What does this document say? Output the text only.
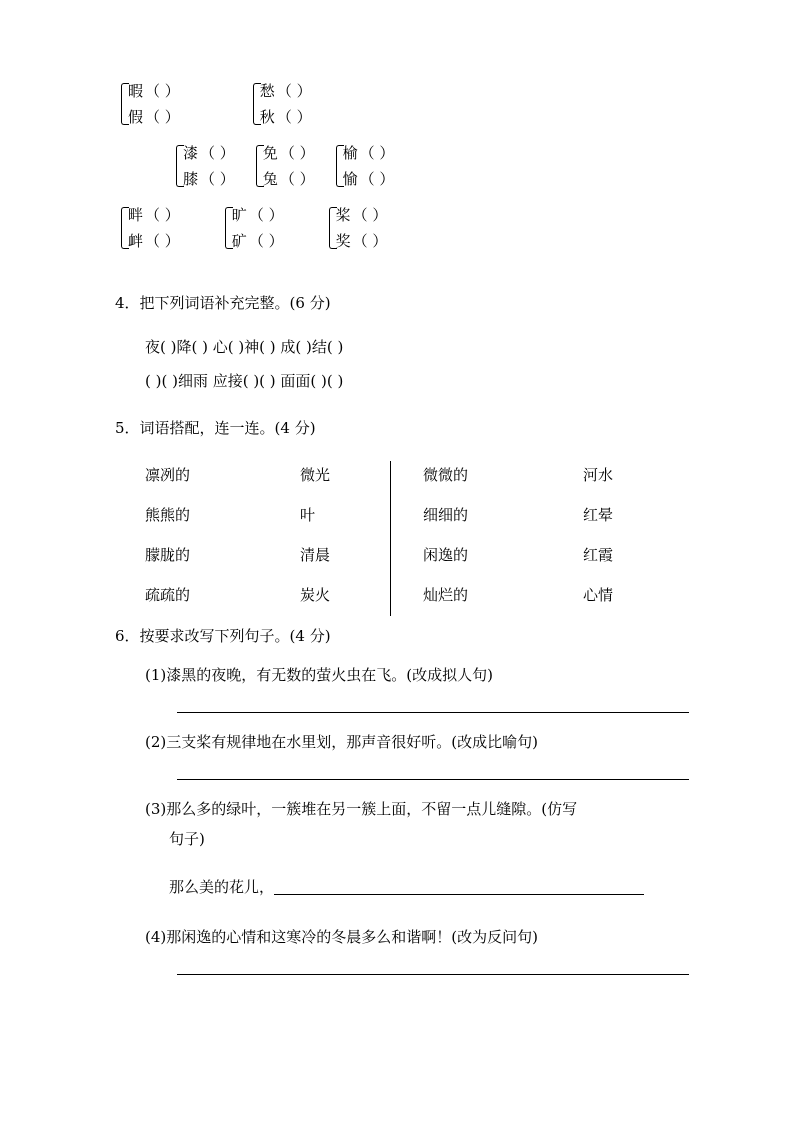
暇 （ ）
假 （ ）
愁 （ ）
秋 （ ）
漆 （ ）
膝 （ ）
免 （ ）
兔 （ ）
榆 （ ）
愉 （ ）
畔 （ ）
衅 （ ）
旷 （ ）
矿 （ ）
桨 （ ）
奖 （ ）
4．把下列词语补充完整。(6 分)
夜( )降( ) 心( )神( ) 成( )结( )
( )( )细雨 应接( )( ) 面面( )( )
5．词语搭配，连一连。(4 分)
凛冽的
熊熊的
朦胧的
疏疏的
微光
叶
清晨
炭火
微微的
细细的
闲逸的
灿烂的
河水
红晕
红霞
心情
6．按要求改写下列句子。(4 分)
(1)漆黑的夜晚，有无数的萤火虫在飞。(改成拟人句)
(2)三支桨有规律地在水里划，那声音很好听。(改成比喻句)
(3)那么多的绿叶，一簇堆在另一簇上面，不留一点儿缝隙。(仿写
句子)
那么美的花儿，
(4)那闲逸的心情和这寒冷的冬晨多么和谐啊！(改为反问句)
